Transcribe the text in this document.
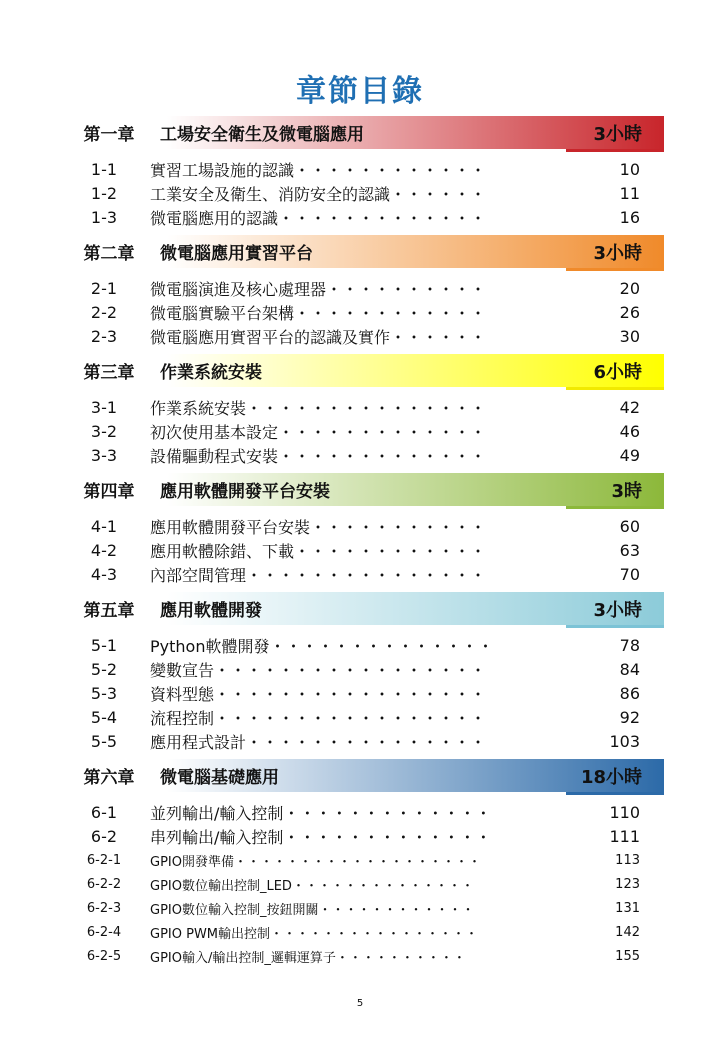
章節目錄
第一章	工場安全衛生及微電腦應用	3小時
1-1	實習工場設施的認識・・・・・・・・・・・・	10
1-2	工業安全及衛生、消防安全的認識・・・・・・	11
1-3	微電腦應用的認識・・・・・・・・・・・・・	16
第二章	微電腦應用實習平台	3小時
2-1	微電腦演進及核心處理器・・・・・・・・・・	20
2-2	微電腦實驗平台架構・・・・・・・・・・・・	26
2-3	微電腦應用實習平台的認識及實作・・・・・・	30
第三章	作業系統安裝	6小時
3-1	作業系統安裝・・・・・・・・・・・・・・・	42
3-2	初次使用基本設定・・・・・・・・・・・・・	46
3-3	設備驅動程式安裝・・・・・・・・・・・・・	49
第四章	應用軟體開發平台安裝	3時
4-1	應用軟體開發平台安裝・・・・・・・・・・・	60
4-2	應用軟體除錯、下載・・・・・・・・・・・・	63
4-3	內部空間管理・・・・・・・・・・・・・・・	70
第五章	應用軟體開發	3小時
5-1	Python軟體開發・・・・・・・・・・・・・・	78
5-2	變數宣告・・・・・・・・・・・・・・・・・	84
5-3	資料型態・・・・・・・・・・・・・・・・・	86
5-4	流程控制・・・・・・・・・・・・・・・・・	92
5-5	應用程式設計・・・・・・・・・・・・・・・	103
第六章	微電腦基礎應用	18小時
6-1	並列輸出/輸入控制・・・・・・・・・・・・・	110
6-2	串列輸出/輸入控制・・・・・・・・・・・・・	111
6-2-1	GPIO開發準備・・・・・・・・・・・・・・・・・・・	113
6-2-2	GPIO數位輸出控制_LED・・・・・・・・・・・・・・	123
6-2-3	GPIO數位輸入控制_按鈕開關・・・・・・・・・・・・	131
6-2-4	GPIO PWM輸出控制・・・・・・・・・・・・・・・・	142
6-2-5	GPIO輸入/輸出控制_邏輯運算子・・・・・・・・・・	155
5
